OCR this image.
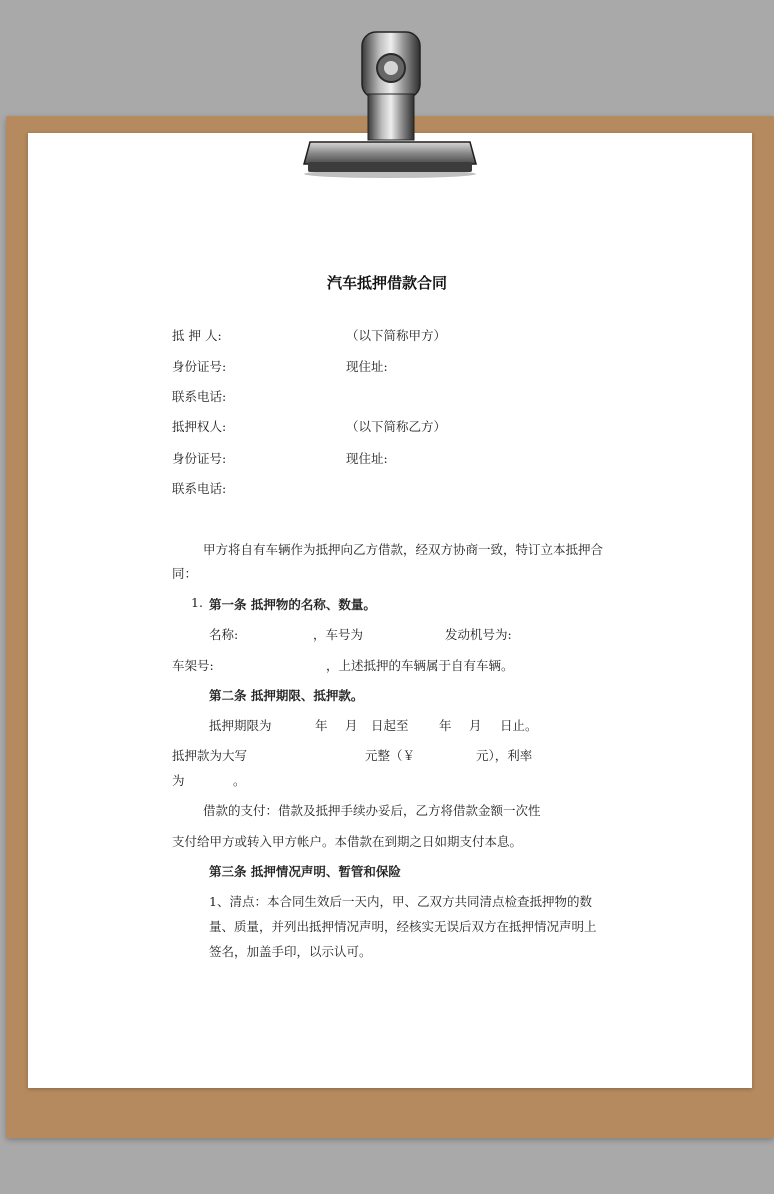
汽车抵押借款合同
抵 押 人:	（以下简称甲方）
身份证号:	现住址:
联系电话:
抵押权人:	（以下简称乙方）
身份证号:	现住址:
联系电话:
甲方将自有车辆作为抵押向乙方借款，经双方协商一致，特订立本抵押合
同：
1. 第一条 抵押物的名称、数量。
名称:	，车号为	发动机号为:
车架号:	，上述抵押的车辆属于自有车辆。
第二条 抵押期限、抵押款。
抵押期限为	年 月 日起至 年 月 日止。
抵押款为大写	元整（￥	元），利率
为	。
借款的支付：借款及抵押手续办妥后，乙方将借款金额一次性
支付给甲方或转入甲方帐户。本借款在到期之日如期支付本息。
第三条 抵押情况声明、暂管和保险
1、清点：本合同生效后一天内，甲、乙双方共同清点检查抵押物的数
量、质量，并列出抵押情况声明，经核实无误后双方在抵押情况声明上
签名，加盖手印，以示认可。
